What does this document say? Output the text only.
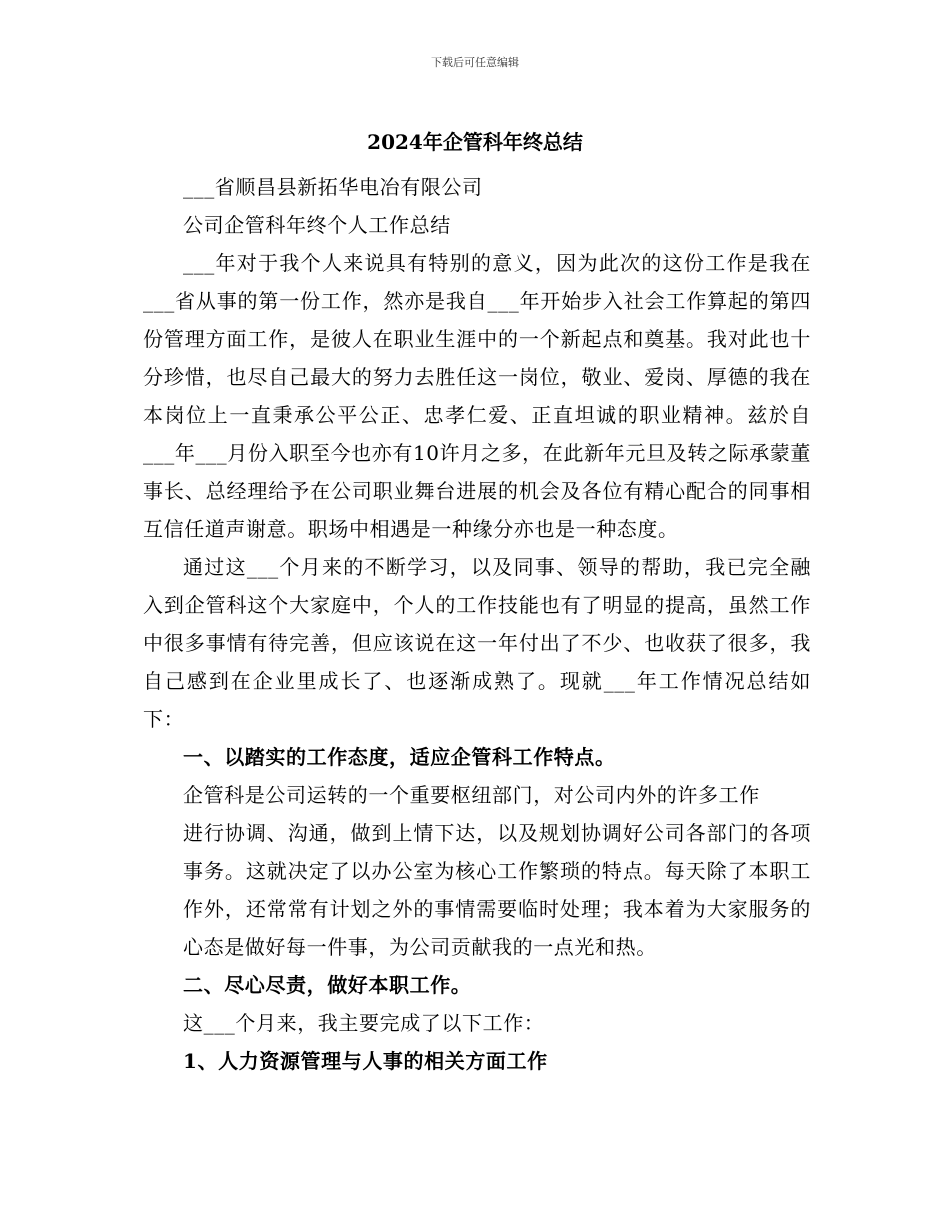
下载后可任意编辑
2024年企管科年终总结

___省顺昌县新拓华电冶有限公司

公司企管科年终个人工作总结

___年对于我个人来说具有特别的意义，因为此次的这份工作是我在___省从事的第一份工作，然亦是我自___年开始步入社会工作算起的第四份管理方面工作，是彼人在职业生涯中的一个新起点和奠基。我对此也十分珍惜，也尽自己最大的努力去胜任这一岗位，敬业、爱岗、厚德的我在本岗位上一直秉承公平公正、忠孝仁爱、正直坦诚的职业精神。兹於自___年___月份入职至今也亦有10许月之多，在此新年元旦及转之际承蒙董事长、总经理给予在公司职业舞台进展的机会及各位有精心配合的同事相互信任道声谢意。职场中相遇是一种缘分亦也是一种态度。

通过这___个月来的不断学习，以及同事、领导的帮助，我已完全融入到企管科这个大家庭中，个人的工作技能也有了明显的提高，虽然工作中很多事情有待完善，但应该说在这一年付出了不少、也收获了很多，我自己感到在企业里成长了、也逐渐成熟了。现就___年工作情况总结如下：

一、以踏实的工作态度，适应企管科工作特点。

企管科是公司运转的一个重要枢纽部门，对公司内外的许多工作

进行协调、沟通，做到上情下达，以及规划协调好公司各部门的各项事务。这就决定了以办公室为核心工作繁琐的特点。每天除了本职工作外，还常常有计划之外的事情需要临时处理；我本着为大家服务的心态是做好每一件事，为公司贡献我的一点光和热。

二、尽心尽责，做好本职工作。

这___个月来，我主要完成了以下工作：

1、人力资源管理与人事的相关方面工作
